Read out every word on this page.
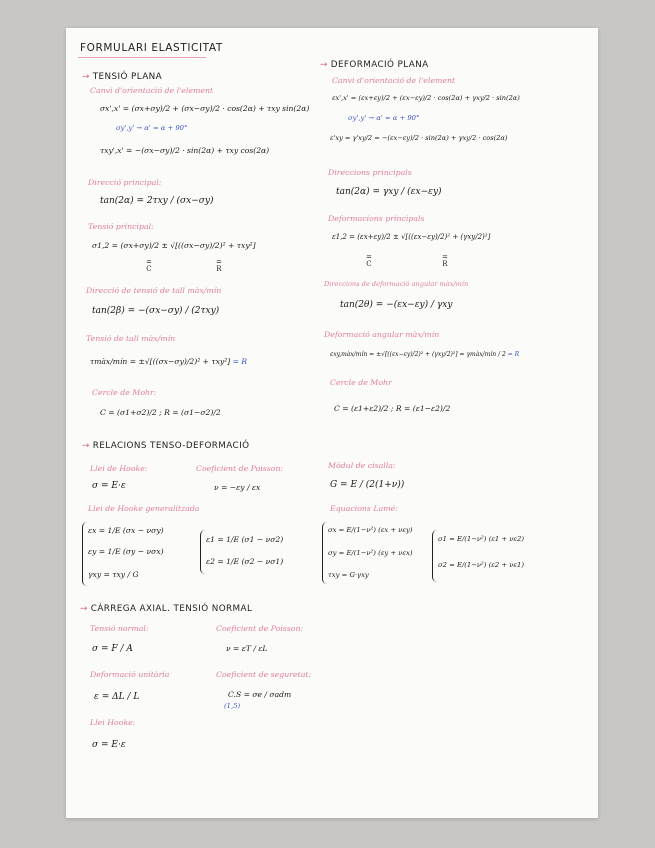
FORMULARI ELASTICITAT
→ TENSIÓ PLANA
Canvi d'orientació de l'element
σx',x' = (σx+σy)/2 + (σx−σy)/2 · cos(2α) + τxy sin(2α)
σy',y' → α' = α + 90°
τxy',x' = −(σx−σy)/2 · sin(2α) + τxy cos(2α)
Direcció principal:
tan(2α) = 2τxy / (σx−σy)
Tensió principal:
σ1,2 = (σx+σy)/2 ± √[((σx−σy)/2)² + τxy²]
=
C
=
R
Direcció de tensió de tall màx/mín
tan(2β) = −(σx−σy) / (2τxy)
Tensió de tall màx/mín
τmàx/mín = ±√[((σx−σy)/2)² + τxy²] = R
Cercle de Mohr:
C = (σ1+σ2)/2 ; R = (σ1−σ2)/2
→ RELACIONS TENSO-DEFORMACIÓ
Llei de Hooke:
σ = E·ε
Coeficient de Poisson:
ν = −εy / εx
Llei de Hooke generalitzada
εx = 1/E (σx − νσy)
εy = 1/E (σy − νσx)
γxy = τxy / G
ε1 = 1/E (σ1 − νσ2)
ε2 = 1/E (σ2 − νσ1)
→ CÀRREGA AXIAL. TENSIÓ NORMAL
Tensió normal:
σ = F / A
Coeficient de Poisson:
ν = εT / εL
Deformació unitària
ε = ΔL / L
Coeficient de seguretat:
C.S = σe / σadm
(1,5)
Llei Hooke:
σ = E·ε
→ DEFORMACIÓ PLANA
Canvi d'orientació de l'element
εx',x' = (εx+εy)/2 + (εx−εy)/2 · cos(2α) + γxy/2 · sin(2α)
σy',y' → α' = α + 90°
ε'xy = γ'xy/2 = −(εx−εy)/2 · sin(2α) + γxy/2 · cos(2α)
Direccions principals
tan(2α) = γxy / (εx−εy)
Deformacions principals
ε1,2 = (εx+εy)/2 ± √[((εx−εy)/2)² + (γxy/2)²]
=
C
=
R
Direccions de deformació angular màx/mín
tan(2θ) = −(εx−εy) / γxy
Deformació angular màx/mín
εxy,màx/mín = ±√[((εx−εy)/2)² + (γxy/2)²] = γmàx/mín / 2 = R
Cercle de Mohr
C = (ε1+ε2)/2 ; R = (ε1−ε2)/2
Mòdul de cisalla:
G = E / (2(1+ν))
Equacions Lamé:
σx = E/(1−ν²) (εx + νεy)
σy = E/(1−ν²) (εy + νεx)
τxy = G·γxy
σ1 = E/(1−ν²) (ε1 + νε2)
σ2 = E/(1−ν²) (ε2 + νε1)
